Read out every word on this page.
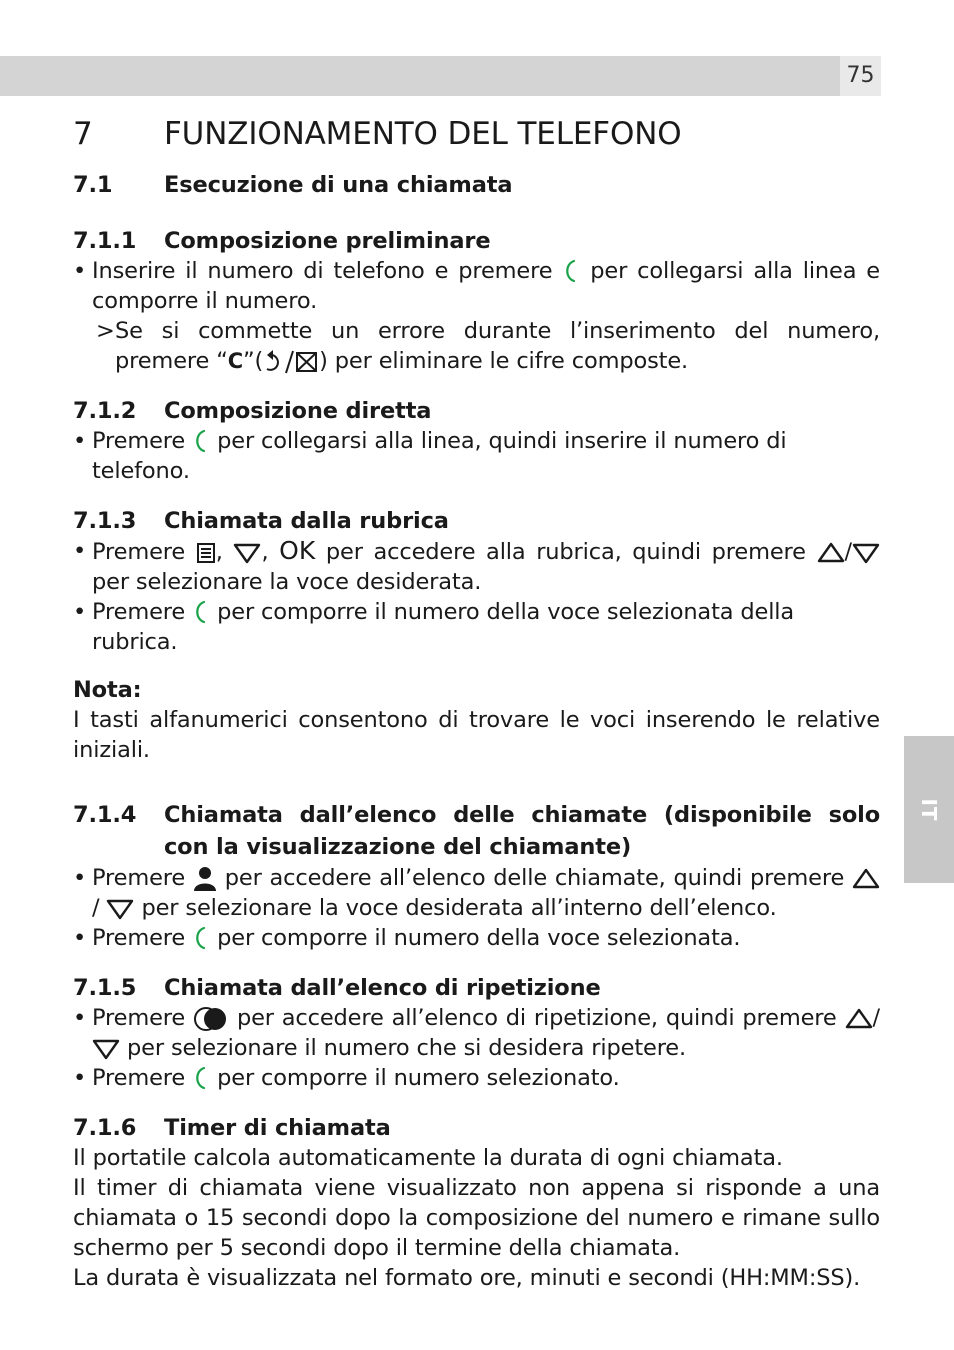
75
IT
7	FUNZIONAMENTO DEL TELEFONO
7.1	Esecuzione di una chiamata
7.1.1	Composizione preliminare
• Inserire il numero di telefono e premere per collegarsi alla linea e comporre il numero.
> Se si commette un errore durante l’inserimento del numero, premere “C”( ) per eliminare le cifre composte.
7.1.2	Composizione diretta
• Premere per collegarsi alla linea, quindi inserire il numero di telefono.
7.1.3	Chiamata dalla rubrica
• Premere , , OK per accedere alla rubrica, quindi premere /
per selezionare la voce desiderata.
• Premere per comporre il numero della voce selezionata della rubrica.

Nota:

I tasti alfanumerici consentono di trovare le voci inserendo le relative iniziali.

7.1.4	Chiamata dall’elenco delle chiamate (disponibile solo con la visualizzazione del chiamante)
• Premere per accedere all’elenco delle chiamate, quindi premere
/ per selezionare la voce desiderata all’interno dell’elenco.
• Premere per comporre il numero della voce selezionata.
7.1.5	Chiamata dall’elenco di ripetizione
• Premere per accedere all’elenco di ripetizione, quindi premere /
per selezionare il numero che si desidera ripetere.
• Premere per comporre il numero selezionato.
7.1.6	Timer di chiamata

Il portatile calcola automaticamente la durata di ogni chiamata.

Il timer di chiamata viene visualizzato non appena si risponde a una chiamata o 15 secondi dopo la composizione del numero e rimane sullo schermo per 5 secondi dopo il termine della chiamata.

La durata è visualizzata nel formato ore, minuti e secondi (HH:MM:SS).
